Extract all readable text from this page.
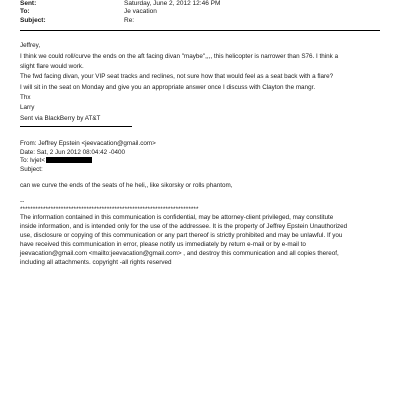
Sent:	Saturday, June 2, 2012 12:46 PM
To:	Je vacation
Subject:	Re:
Jeffrey,
I think we could roll/curve the ends on the aft facing divan "maybe",,,, this helicopter is narrower than S76. I think a
slight flare would work.
The fwd facing divan, your VIP seat tracks and reclines, not sure how that would feel as a seat back with a flare?
I will sit in the seat on Monday and give you an appropriate answer once I discuss with Clayton the mangr.
Thx
Larry
Sent via BlackBerry by AT&T
From: Jeffrey Epstein <jeevacation@gmail.com>
Date: Sat, 2 Jun 2012 08:04:42 -0400
To: lvjet<
Subject:
can we curve the ends of the seats of he heli,, like sikorsky or rolls phantom,
--
**********************************************************************
The information contained in this communication is confidential, may be attorney-client privileged, may constitute
inside information, and is intended only for the use of the addressee. It is the property of Jeffrey Epstein Unauthorized
use, disclosure or copying of this communication or any part thereof is strictly prohibited and may be unlawful. If you
have received this communication in error, please notify us immediately by return e-mail or by e-mail to
jeevacation@gmail.com <mailto:jeevacation@gmail.com> , and destroy this communication and all copies thereof,
including all attachments. copyright -all rights reserved
